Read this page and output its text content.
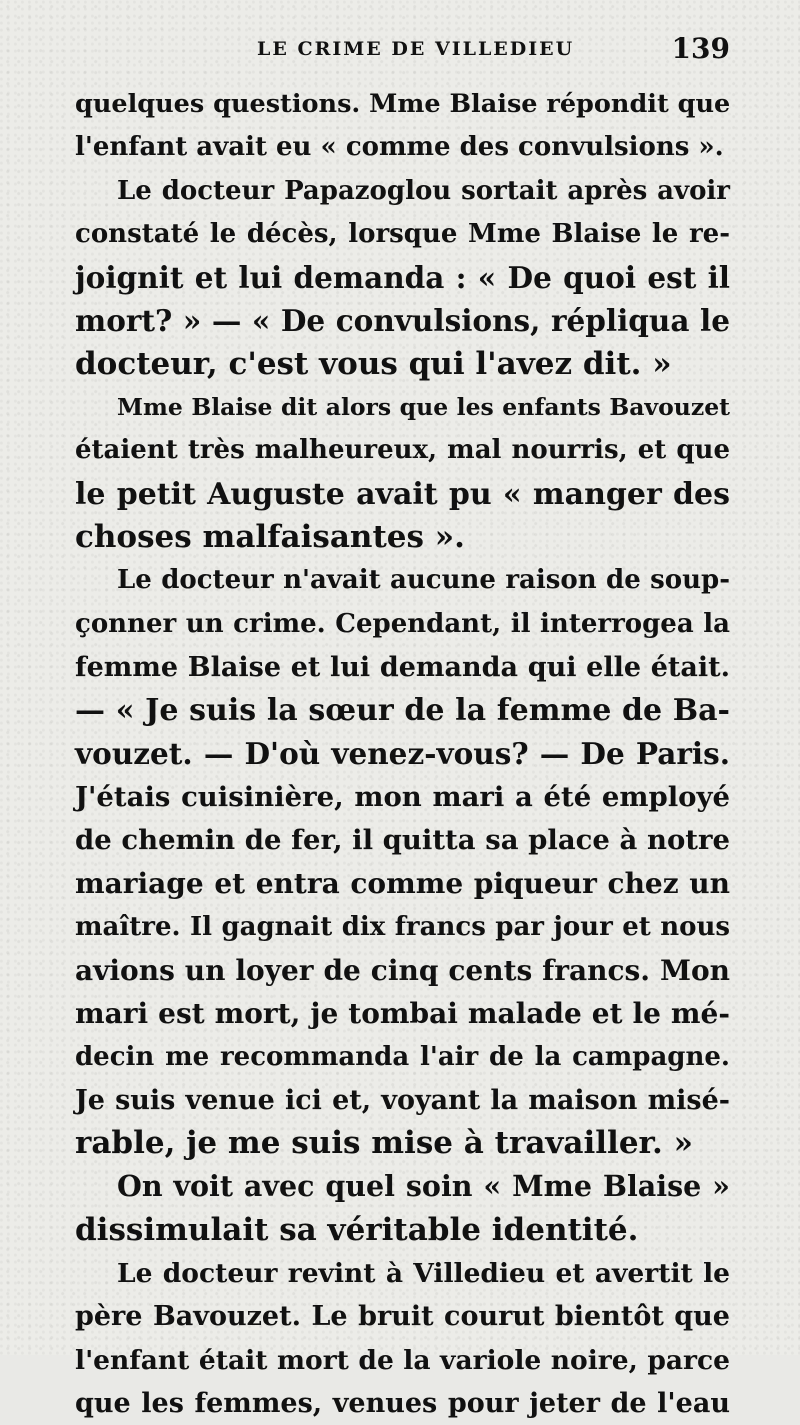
LE CRIME DE VILLEDIEU	139
quelques questions. Mme Blaise répondit que
l'enfant avait eu « comme des convulsions ».
Le docteur Papazoglou sortait après avoir
constaté le décès, lorsque Mme Blaise le re-
joignit et lui demanda : « De quoi est il
mort? » — « De convulsions, répliqua le
docteur, c'est vous qui l'avez dit. »
Mme Blaise dit alors que les enfants Bavouzet
étaient très malheureux, mal nourris, et que
le petit Auguste avait pu « manger des
choses malfaisantes ».
Le docteur n'avait aucune raison de soup-
çonner un crime. Cependant, il interrogea la
femme Blaise et lui demanda qui elle était.
— « Je suis la sœur de la femme de Ba-
vouzet. — D'où venez-vous? — De Paris.
J'étais cuisinière, mon mari a été employé
de chemin de fer, il quitta sa place à notre
mariage et entra comme piqueur chez un
maître. Il gagnait dix francs par jour et nous
avions un loyer de cinq cents francs. Mon
mari est mort, je tombai malade et le mé-
decin me recommanda l'air de la campagne.
Je suis venue ici et, voyant la maison misé-
rable, je me suis mise à travailler. »
On voit avec quel soin « Mme Blaise »
dissimulait sa véritable identité.
Le docteur revint à Villedieu et avertit le
père Bavouzet. Le bruit courut bientôt que
l'enfant était mort de la variole noire, parce
que les femmes, venues pour jeter de l'eau
